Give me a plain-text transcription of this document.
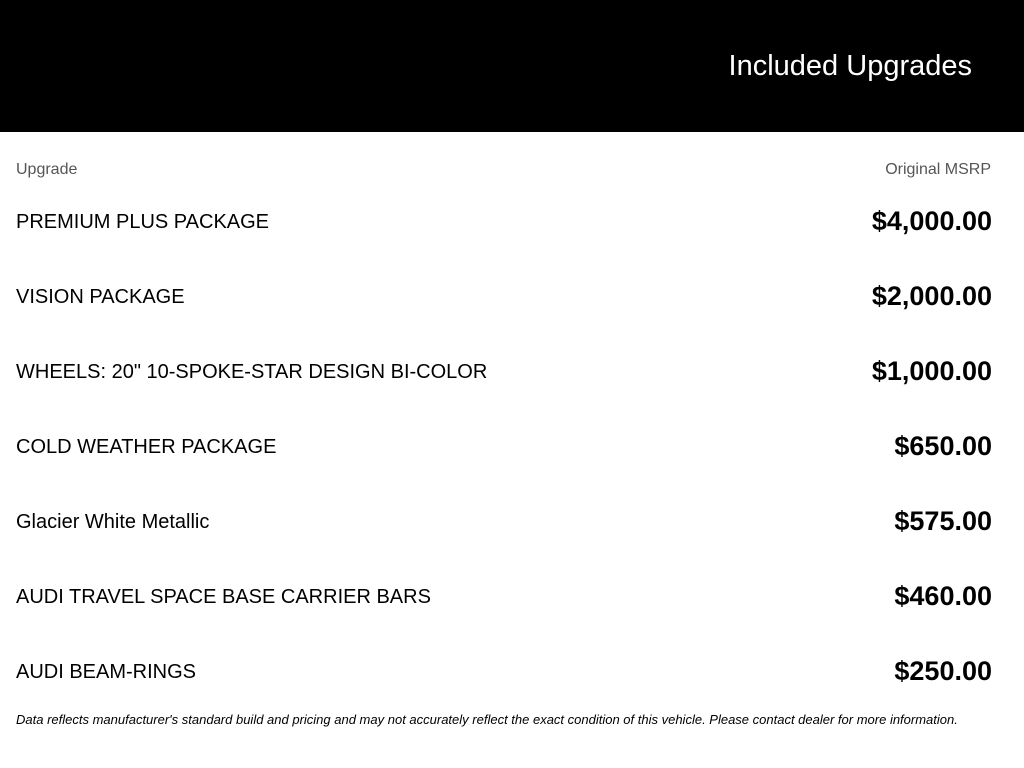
Included Upgrades
Upgrade	Original MSRP
PREMIUM PLUS PACKAGE	$4,000.00
VISION PACKAGE	$2,000.00
WHEELS: 20" 10-SPOKE-STAR DESIGN BI-COLOR	$1,000.00
COLD WEATHER PACKAGE	$650.00
Glacier White Metallic	$575.00
AUDI TRAVEL SPACE BASE CARRIER BARS	$460.00
AUDI BEAM-RINGS	$250.00
Data reflects manufacturer's standard build and pricing and may not accurately reflect the exact condition of this vehicle. Please contact dealer for more information.
